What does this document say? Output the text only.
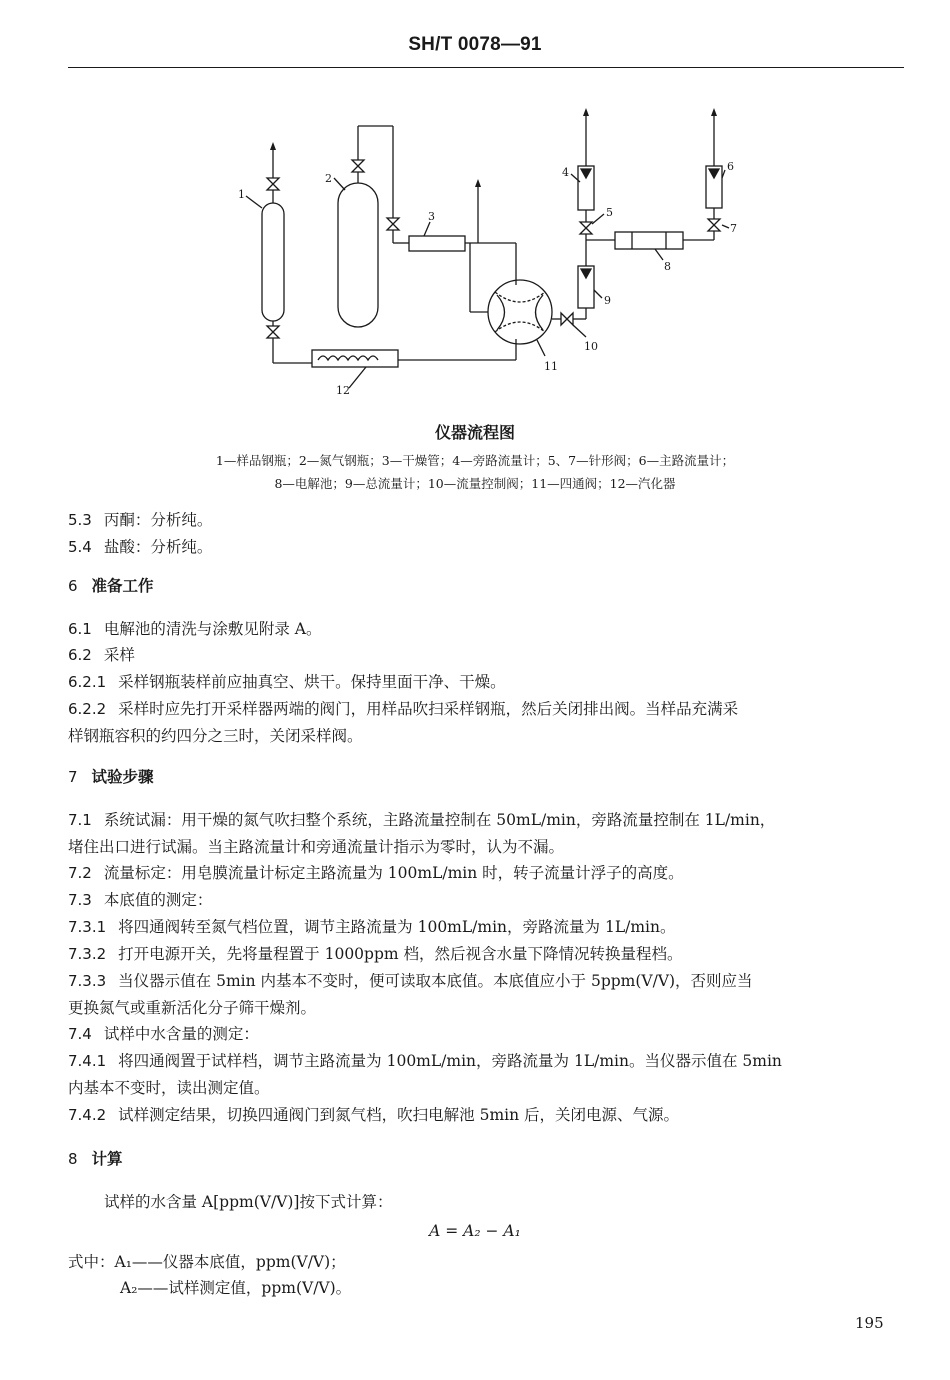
SH/T 0078—91
1
2
3
4
5
6
7
8
9
10
11
12
仪器流程图
1—样品钢瓶；2—氮气钢瓶；3—干燥管；4—旁路流量计；5、7—针形阀；6—主路流量计；
8—电解池；9—总流量计；10—流量控制阀；11—四通阀；12—汽化器
5.3 丙酮：分析纯。
5.4 盐酸：分析纯。
6 准备工作
6.1 电解池的清洗与涂敷见附录 A。
6.2 采样
6.2.1 采样钢瓶装样前应抽真空、烘干。保持里面干净、干燥。
6.2.2 采样时应先打开采样器两端的阀门，用样品吹扫采样钢瓶，然后关闭排出阀。当样品充满采
样钢瓶容积的约四分之三时，关闭采样阀。
7 试验步骤
7.1 系统试漏：用干燥的氮气吹扫整个系统，主路流量控制在 50mL/min，旁路流量控制在 1L/min，
堵住出口进行试漏。当主路流量计和旁通流量计指示为零时，认为不漏。
7.2 流量标定：用皂膜流量计标定主路流量为 100mL/min 时，转子流量计浮子的高度。
7.3 本底值的测定：
7.3.1 将四通阀转至氮气档位置，调节主路流量为 100mL/min，旁路流量为 1L/min。
7.3.2 打开电源开关，先将量程置于 1000ppm 档，然后视含水量下降情况转换量程档。
7.3.3 当仪器示值在 5min 内基本不变时，便可读取本底值。本底值应小于 5ppm(V/V)，否则应当
更换氮气或重新活化分子筛干燥剂。
7.4 试样中水含量的测定：
7.4.1 将四通阀置于试样档，调节主路流量为 100mL/min，旁路流量为 1L/min。当仪器示值在 5min
内基本不变时，读出测定值。
7.4.2 试样测定结果，切换四通阀门到氮气档，吹扫电解池 5min 后，关闭电源、气源。
8 计算
试样的水含量 A[ppm(V/V)]按下式计算：
A = A₂ − A₁
式中：A₁——仪器本底值，ppm(V/V)；
A₂——试样测定值，ppm(V/V)。
195
